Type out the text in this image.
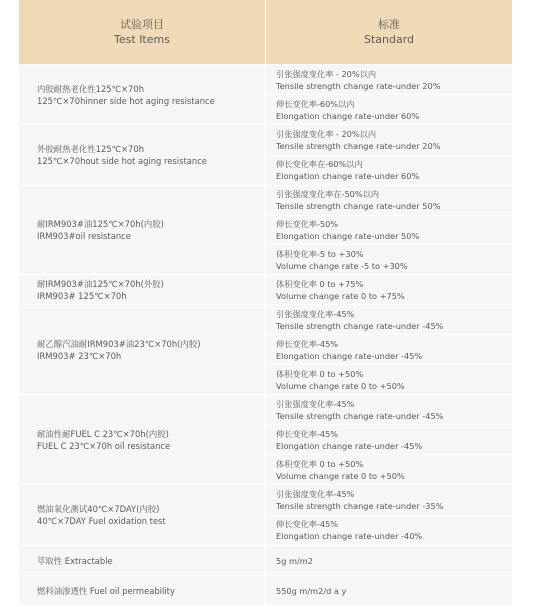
试验项目
Test Items
标准
Standard
内胶耐热老化性125℃×70h
125℃×70hinner side hot aging resistance
引张强度变化率 - 20%以内
Tensile strength change rate-under 20%
伸长变化率-60%以内
Elongation change rate-under 60%
外胶耐热老化性125℃×70h
125℃×70hout side hot aging resistance
引张强度变化率 - 20%以内
Tensile strength change rate-under 20%
伸长变化率在-60%以内
Elongation change rate-under 60%
耐IRM903#油125℃×70h(内胶)
IRM903#oil resistance
引张强度变化率在-50%以内
Tensile strength change rate-under 50%
伸长变化率-50%
Elongation change rate-under 50%
体积变化率-5 to +30%
Volume change rate -5 to +30%
耐IRM903#油125℃×70h(外胶)
IRM903# 125℃×70h
体积变化率 0 to +75%
Volume change rate 0 to +75%
耐乙醇汽油耐IRM903#油23℃×70h(内胶)
IRM903# 23℃×70h
引张强度变化率-45%
Tensile strength change rate-under -45%
伸长变化率-45%
Elongation change rate-under -45%
体积变化率 0 to +50%
Volume change rate 0 to +50%
耐油性耐FUEL C 23℃×70h(内胶)
FUEL C 23℃×70h oil resistance
引张强度变化率-45%
Tensile strength change rate-under -45%
伸长变化率-45%
Elongation change rate-under -45%
体积变化率 0 to +50%
Volume change rate 0 to +50%
燃油氧化测试40℃×7DAY(内胶)
40℃×7DAY Fuel oxidation test
引张强度变化率-45%
Tensile strength change rate-under -35%
伸长变化率-45%
Elongation change rate-under -40%
萃取性 Extractable	5g m/m2
燃料油渗透性 Fuel oil permeability	550g m/m2/d a y
